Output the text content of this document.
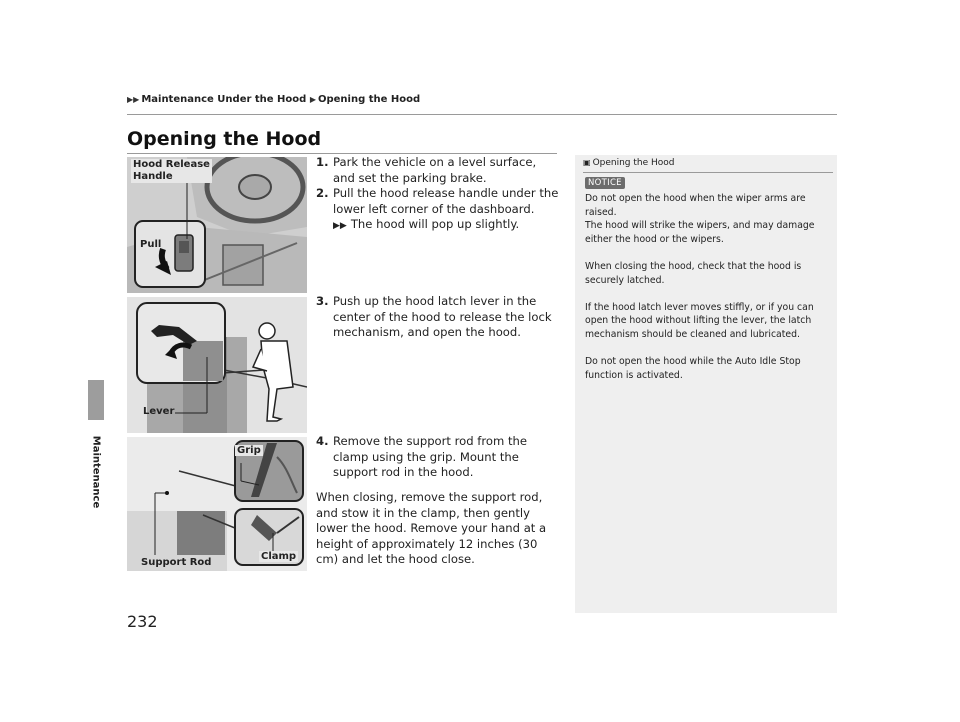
▶▶ Maintenance Under the Hood ▶ Opening the Hood
Maintenance
Opening the Hood
Hood Release
Handle
Pull
Lever
Grip
Clamp
Support Rod
1. Park the vehicle on a level surface, and set the parking brake.
2. Pull the hood release handle under the lower left corner of the dashboard.
▶▶ The hood will pop up slightly.
3. Push up the hood latch lever in the center of the hood to release the lock mechanism, and open the hood.
4. Remove the support rod from the clamp using the grip. Mount the support rod in the hood.
When closing, remove the support rod, and stow it in the clamp, then gently lower the hood. Remove your hand at a height of approximately 12 inches (30 cm) and let the hood close.
▣ Opening the Hood
NOTICE

Do not open the hood when the wiper arms are raised.
The hood will strike the wipers, and may damage either the hood or the wipers.

When closing the hood, check that the hood is securely latched.

If the hood latch lever moves stiffly, or if you can open the hood without lifting the lever, the latch mechanism should be cleaned and lubricated.

Do not open the hood while the Auto Idle Stop function is activated.

232
